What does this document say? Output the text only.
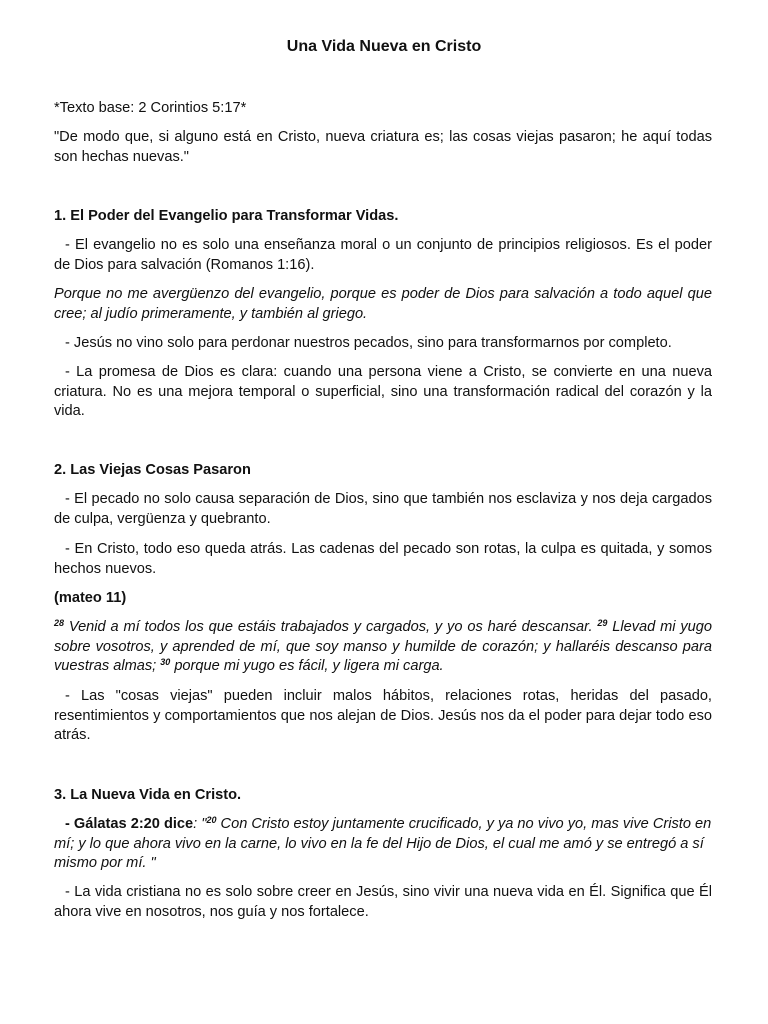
Una Vida Nueva en Cristo

*Texto base: 2 Corintios 5:17*

"De modo que, si alguno está en Cristo, nueva criatura es; las cosas viejas pasaron; he aquí todas son hechas nuevas."

1. El Poder del Evangelio para Transformar Vidas.

- El evangelio no es solo una enseñanza moral o un conjunto de principios religiosos. Es el poder de Dios para salvación (Romanos 1:16).

Porque no me avergüenzo del evangelio, porque es poder de Dios para salvación a todo aquel que cree; al judío primeramente, y también al griego.

- Jesús no vino solo para perdonar nuestros pecados, sino para transformarnos por completo.

- La promesa de Dios es clara: cuando una persona viene a Cristo, se convierte en una nueva criatura. No es una mejora temporal o superficial, sino una transformación radical del corazón y la vida.

2. Las Viejas Cosas Pasaron

- El pecado no solo causa separación de Dios, sino que también nos esclaviza y nos deja cargados de culpa, vergüenza y quebranto.

- En Cristo, todo eso queda atrás. Las cadenas del pecado son rotas, la culpa es quitada, y somos hechos nuevos.

(mateo 11)

$^{28}$ Venid a mí todos los que estáis trabajados y cargados, y yo os haré descansar. $^{29}$ Llevad mi yugo sobre vosotros, y aprended de mí, que soy manso y humilde de corazón; y hallaréis descanso para vuestras almas; $^{30}$ porque mi yugo es fácil, y ligera mi carga.

- Las "cosas viejas" pueden incluir malos hábitos, relaciones rotas, heridas del pasado, resentimientos y comportamientos que nos alejan de Dios. Jesús nos da el poder para dejar todo eso atrás.

3. La Nueva Vida en Cristo.

- Gálatas 2:20 dice: "$^{20}$ Con Cristo estoy juntamente crucificado, y ya no vivo yo, mas vive Cristo en mí; y lo que ahora vivo en la carne, lo vivo en la fe del Hijo de Dios, el cual me amó y se entregó a sí mismo por mí. "

- La vida cristiana no es solo sobre creer en Jesús, sino vivir una nueva vida en Él. Significa que Él ahora vive en nosotros, nos guía y nos fortalece.
